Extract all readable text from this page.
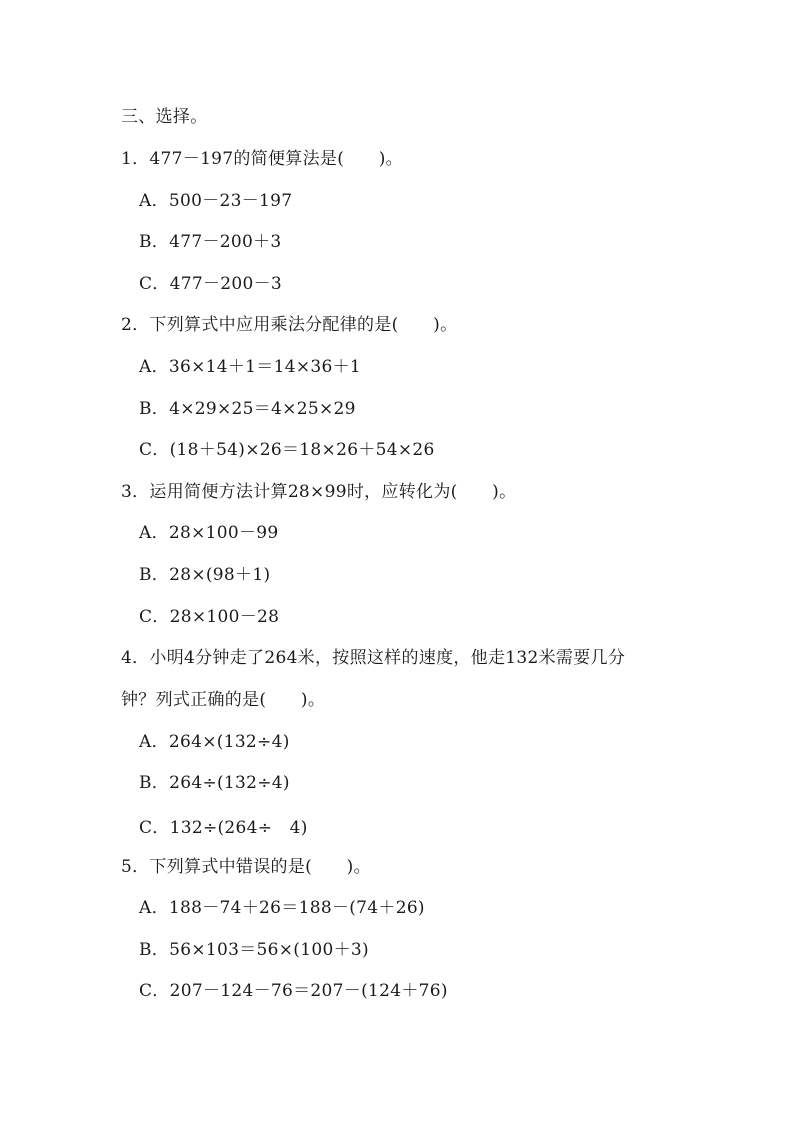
三、选择。
1．477－197的简便算法是(　　)。
A．500－23－197
B．477－200＋3
C．477－200－3
2．下列算式中应用乘法分配律的是(　　)。
A．36×14＋1＝14×36＋1
B．4×29×25＝4×25×29
C．(18＋54)×26＝18×26＋54×26
3．运用简便方法计算28×99时，应转化为(　　)。
A．28×100－99
B．28×(98＋1)
C．28×100－28
4．小明4分钟走了264米，按照这样的速度，他走132米需要几分
钟？列式正确的是(　　)。
A．264×(132÷4)
B．264÷(132÷4)
C．132÷(264÷　4)
5．下列算式中错误的是(　　)。
A．188－74＋26＝188－(74＋26)
B．56×103＝56×(100＋3)
C．207－124－76＝207－(124＋76)
